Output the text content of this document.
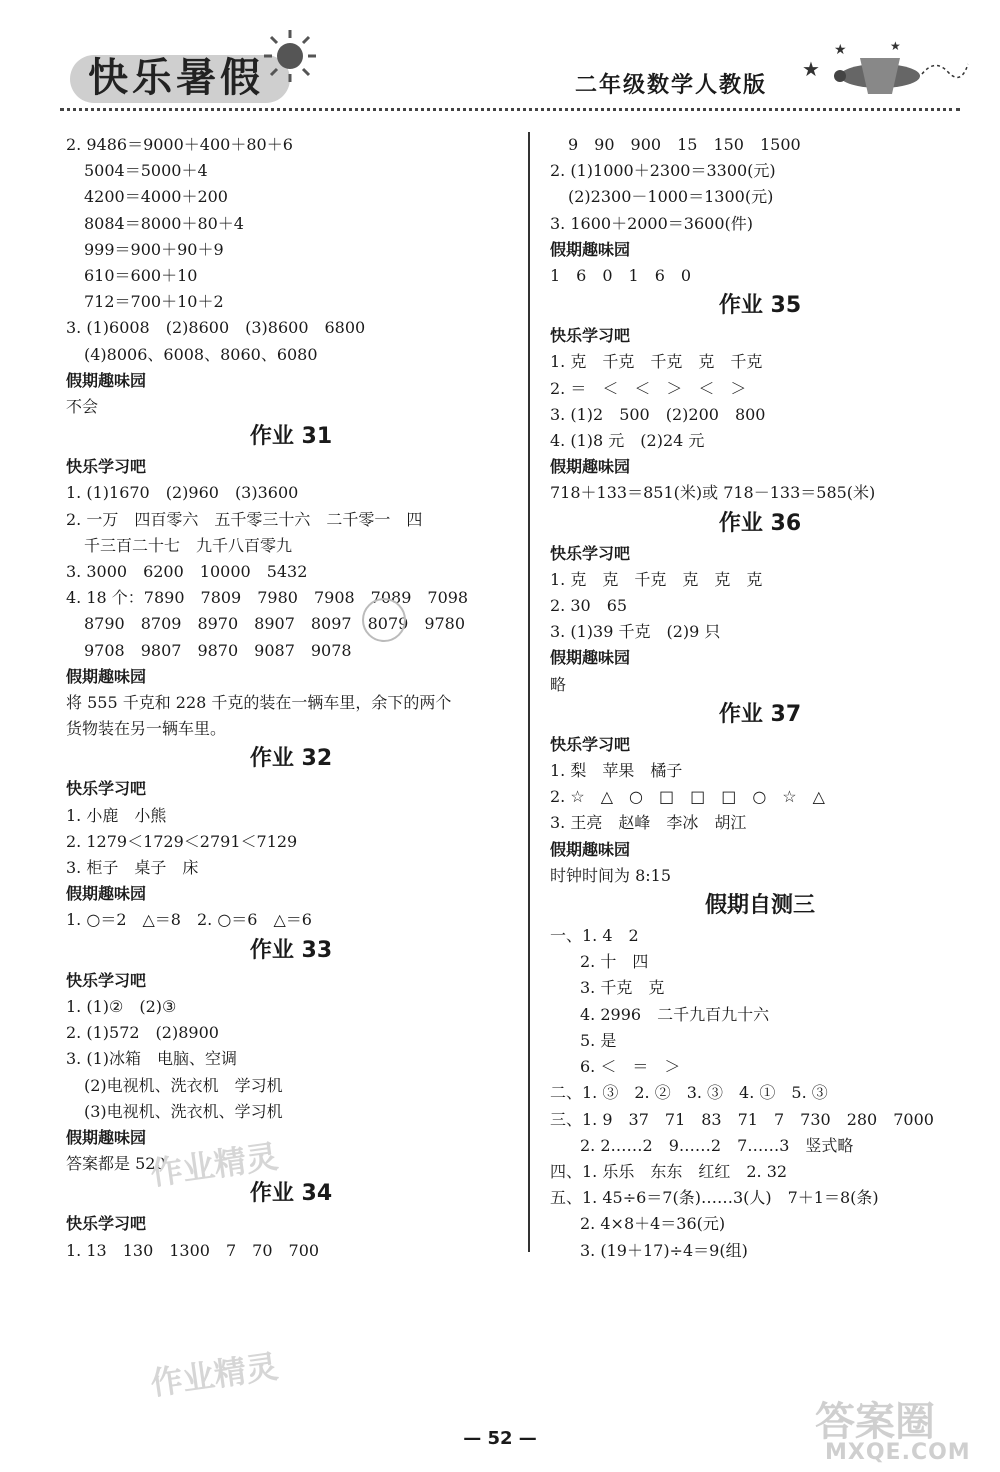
快乐暑假	二年级数学人教版
★
★	★
2. 9486＝9000＋400＋80＋6
5004＝5000＋4
4200＝4000＋200
8084＝8000＋80＋4
999＝900＋90＋9
610＝600＋10
712＝700＋10＋2
3. (1)6008　(2)8600　(3)8600　6800
(4)8006、6008、8060、6080
假期趣味园
不会
作业 31
快乐学习吧
1. (1)1670　(2)960　(3)3600
2. 一万　四百零六　五千零三十六　二千零一　四
千三百二十七　九千八百零九
3. 3000　6200　10000　5432
4. 18 个：7890　7809　7980　7908　7089　7098
8790　8709　8970　8907　8097　8079　9780
9708　9807　9870　9087　9078
假期趣味园
将 555 千克和 228 千克的装在一辆车里，余下的两个
货物装在另一辆车里。
作业 32
快乐学习吧
1. 小鹿　小熊
2. 1279＜1729＜2791＜7129
3. 柜子　桌子　床
假期趣味园
1. ○＝2　△＝8　2. ○＝6　△＝6
作业 33
快乐学习吧
1. (1)②　(2)③
2. (1)572　(2)8900
3. (1)冰箱　电脑、空调
(2)电视机、洗衣机　学习机
(3)电视机、洗衣机、学习机
假期趣味园
答案都是 520
作业 34
快乐学习吧
1. 13　130　1300　7　70　700
9　90　900　15　150　1500
2. (1)1000＋2300＝3300(元)
(2)2300－1000＝1300(元)
3. 1600＋2000＝3600(件)
假期趣味园
1　6　0　1　6　0
作业 35
快乐学习吧
1. 克　千克　千克　克　千克
2. ＝　＜　＜　＞　＜　＞
3. (1)2　500　(2)200　800
4. (1)8 元　(2)24 元
假期趣味园
718＋133＝851(米)或 718－133＝585(米)
作业 36
快乐学习吧
1. 克　克　千克　克　克　克
2. 30　65
3. (1)39 千克　(2)9 只
假期趣味园
略
作业 37
快乐学习吧
1. 梨　苹果　橘子
2. ☆　△　○　□　□　□　○　☆　△
3. 王亮　赵峰　李冰　胡江
假期趣味园
时钟时间为 8:15
假期自测三
一、1. 4　2
2. 十　四
3. 千克　克
4. 2996　二千九百九十六
5. 是
6. ＜　＝　＞
二、1. ③　2. ②　3. ③　4. ①　5. ③
三、1. 9　37　71　83　71　7　730　280　7000
2. 2……2　9……2　7……3　竖式略
四、1. 乐乐　东东　红红　2. 32
五、1. 45÷6＝7(条)……3(人)　7＋1＝8(条)
2. 4×8＋4＝36(元)
3. (19＋17)÷4＝9(组)
作业精灵
作业精灵
答案圈
MXQE.COM
— 52 —
